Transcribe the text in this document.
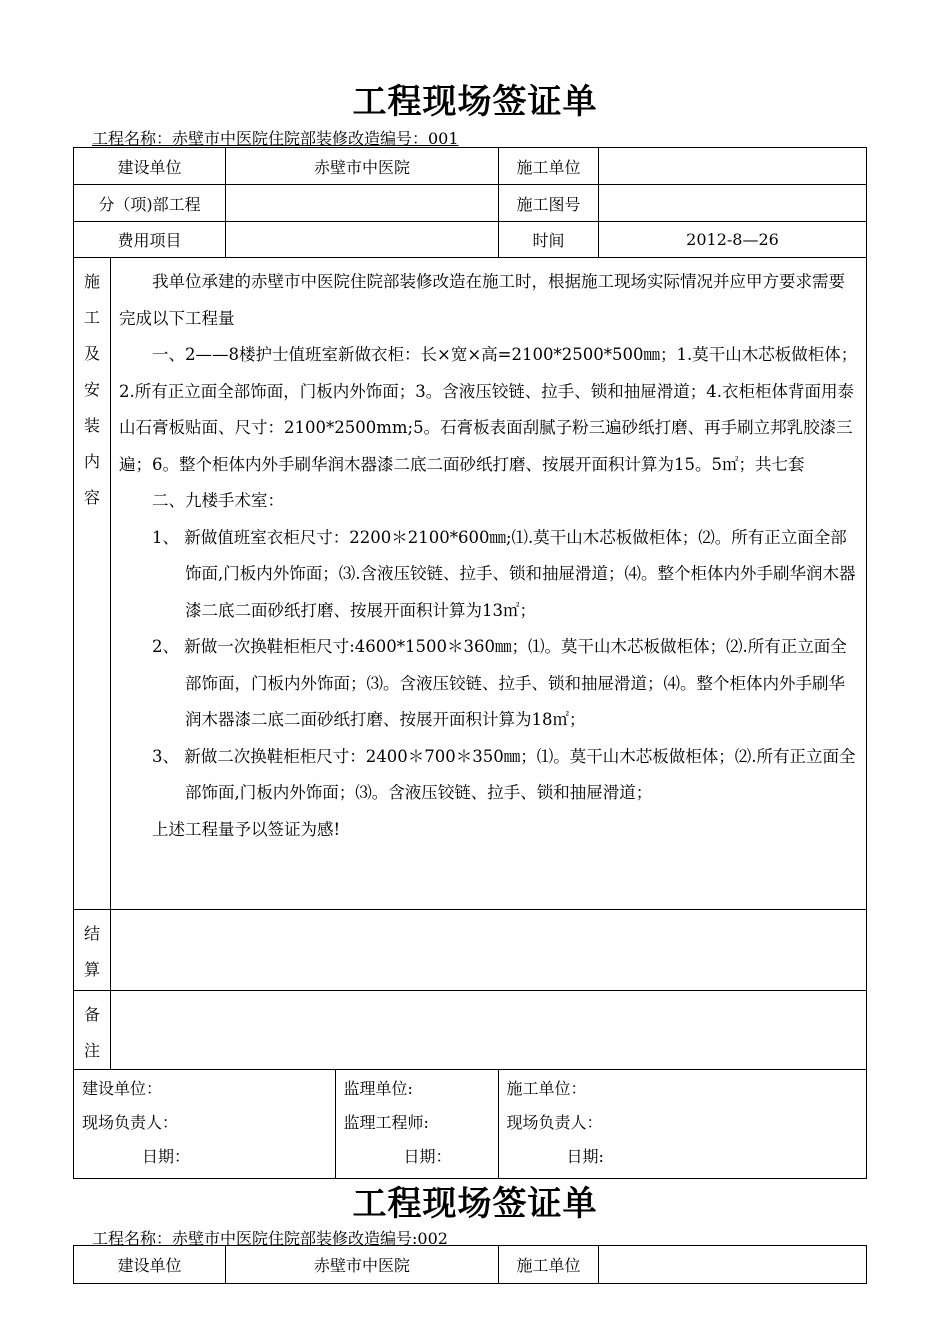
工程现场签证单
工程名称：赤壁市中医院住院部装修改造编号：001
建设单位	赤壁市中医院	施工单位	
分（项)部工程		施工图号	
费用项目		时间	2012-8—26

施
工
及
安
装
内
容

我单位承建的赤壁市中医院住院部装修改造在施工时，根据施工现场实际情况并应甲方要求需要完成以下工程量

一、2——8楼护士值班室新做衣柜：长×宽×高=2100*2500*500㎜；1.莫干山木芯板做柜体；2.所有正立面全部饰面，门板内外饰面；3。含液压铰链、拉手、锁和抽屉滑道；4.衣柜柜体背面用泰山石膏板贴面、尺寸：2100*2500mm;5。石膏板表面刮腻子粉三遍砂纸打磨、再手刷立邦乳胶漆三遍；6。整个柜体内外手刷华润木器漆二底二面砂纸打磨、按展开面积计算为15。5㎡；共七套

二、九楼手术室：

1、 新做值班室衣柜尺寸：2200＊2100*600㎜;⑴.莫干山木芯板做柜体；⑵。所有正立面全部饰面,门板内外饰面；⑶.含液压铰链、拉手、锁和抽屉滑道；⑷。整个柜体内外手刷华润木器漆二底二面砂纸打磨、按展开面积计算为13㎡；

2、 新做一次换鞋柜柜尺寸:4600*1500＊360㎜；⑴。莫干山木芯板做柜体；⑵.所有正立面全部饰面，门板内外饰面；⑶。含液压铰链、拉手、锁和抽屉滑道；⑷。整个柜体内外手刷华润木器漆二底二面砂纸打磨、按展开面积计算为18㎡；

3、 新做二次换鞋柜柜尺寸：2400＊700＊350㎜；⑴。莫干山木芯板做柜体；⑵.所有正立面全部饰面,门板内外饰面；⑶。含液压铰链、拉手、锁和抽屉滑道；

上述工程量予以签证为感!

结
算

备
注

建设单位：
现场负责人：
日期：

监理单位:
监理工程师:
日期：

施工单位：
现场负责人：
日期:
工程现场签证单
工程名称：赤壁市中医院住院部装修改造编号:002
建设单位	赤壁市中医院	施工单位	
